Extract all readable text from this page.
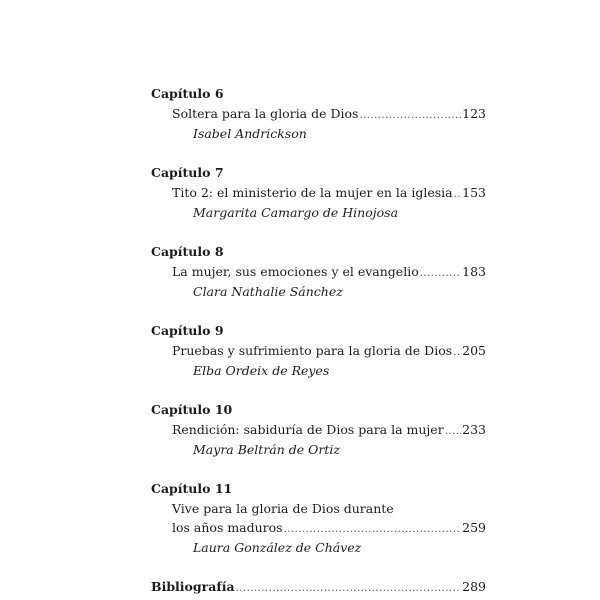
Capítulo 6
Soltera para la gloria de Dios .....	123
Isabel Andrickson
Capítulo 7
Tito 2: el ministerio de la mujer en la iglesia ..... 153
Margarita Camargo de Hinojosa
Capítulo 8
La mujer, sus emociones y el evangelio .....	183
Clara Nathalie Sánchez
Capítulo 9
Pruebas y sufrimiento para la gloria de Dios ..... 205
Elba Ordeix de Reyes
Capítulo 10
Rendición: sabiduría de Dios para la mujer ..... 233
Mayra Beltrán de Ortiz
Capítulo 11
Vive para la gloria de Dios durante
los años maduros .....	259
Laura González de Chávez
Bibliografía .....	289
